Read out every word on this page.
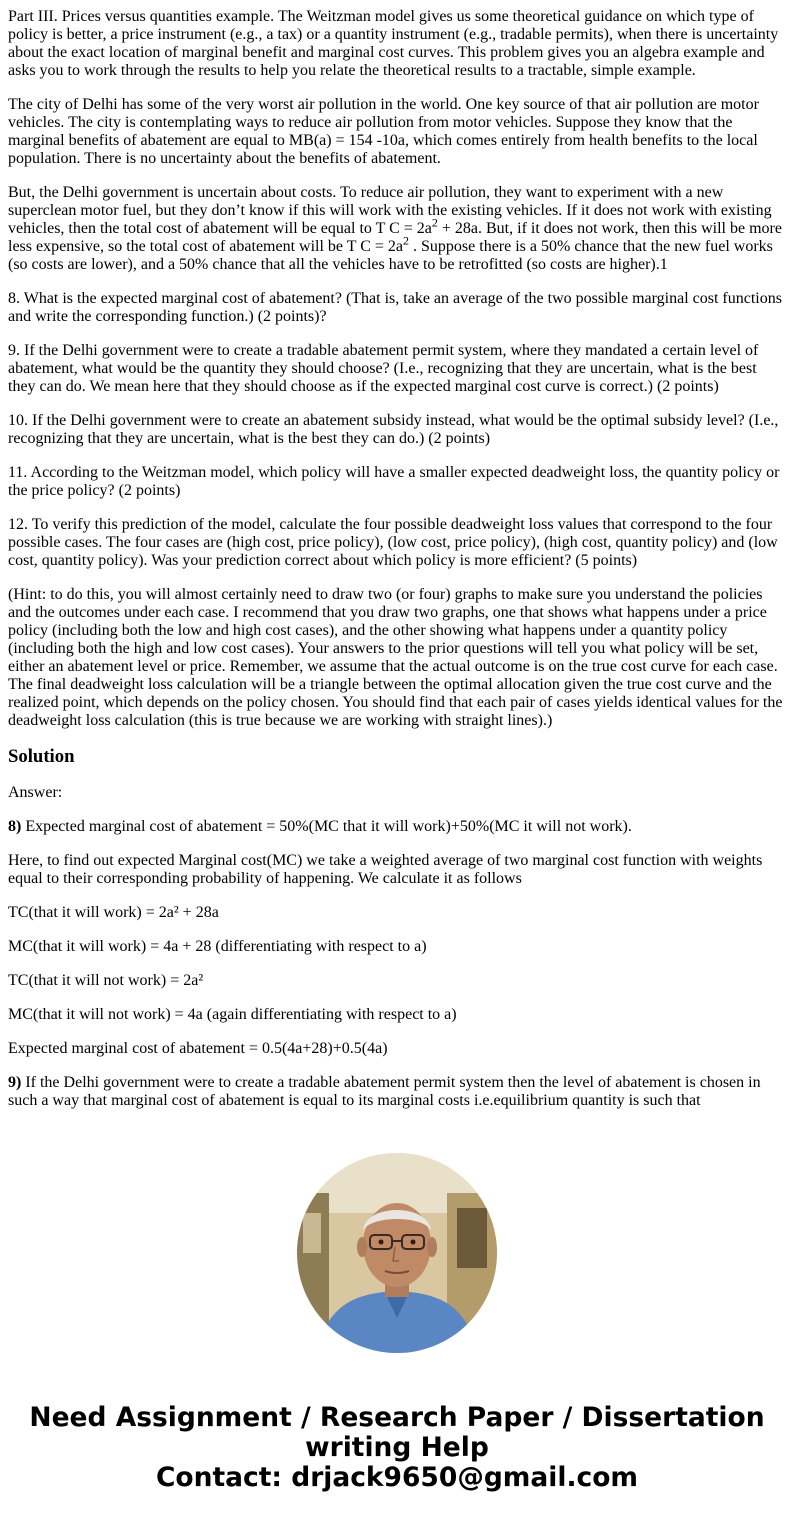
Part III. Prices versus quantities example. The Weitzman model gives us some theoretical guidance on which type of policy is better, a price instrument (e.g., a tax) or a quantity instrument (e.g., tradable permits), when there is uncertainty about the exact location of marginal benefit and marginal cost curves. This problem gives you an algebra example and asks you to work through the results to help you relate the theoretical results to a tractable, simple example.

The city of Delhi has some of the very worst air pollution in the world. One key source of that air pollution are motor vehicles. The city is contemplating ways to reduce air pollution from motor vehicles. Suppose they know that the marginal benefits of abatement are equal to MB(a) = 154 -10a, which comes entirely from health benefits to the local population. There is no uncertainty about the benefits of abatement.

But, the Delhi government is uncertain about costs. To reduce air pollution, they want to experiment with a new superclean motor fuel, but they don’t know if this will work with the existing vehicles. If it does not work with existing vehicles, then the total cost of abatement will be equal to T $C = 2a^2 + 28a$. But, if it does not work, then this will be more less expensive, so the total cost of abatement will be T $C = 2a^2$ . Suppose there is a 50% chance that the new fuel works (so costs are lower), and a 50% chance that all the vehicles have to be retrofitted (so costs are higher).1

8. What is the expected marginal cost of abatement? (That is, take an average of the two possible marginal cost functions and write the corresponding function.) (2 points)?

9. If the Delhi government were to create a tradable abatement permit system, where they mandated a certain level of abatement, what would be the quantity they should choose? (I.e., recognizing that they are uncertain, what is the best they can do. We mean here that they should choose as if the expected marginal cost curve is correct.) (2 points)

10. If the Delhi government were to create an abatement subsidy instead, what would be the optimal subsidy level? (I.e., recognizing that they are uncertain, what is the best they can do.) (2 points)

11. According to the Weitzman model, which policy will have a smaller expected deadweight loss, the quantity policy or the price policy? (2 points)

12. To verify this prediction of the model, calculate the four possible deadweight loss values that correspond to the four possible cases. The four cases are (high cost, price policy), (low cost, price policy), (high cost, quantity policy) and (low cost, quantity policy). Was your prediction correct about which policy is more efficient? (5 points)

(Hint: to do this, you will almost certainly need to draw two (or four) graphs to make sure you understand the policies and the outcomes under each case. I recommend that you draw two graphs, one that shows what happens under a price policy (including both the low and high cost cases), and the other showing what happens under a quantity policy (including both the high and low cost cases). Your answers to the prior questions will tell you what policy will be set, either an abatement level or price. Remember, we assume that the actual outcome is on the true cost curve for each case. The final deadweight loss calculation will be a triangle between the optimal allocation given the true cost curve and the realized point, which depends on the policy chosen. You should find that each pair of cases yields identical values for the deadweight loss calculation (this is true because we are working with straight lines).)

Solution

Answer:

8) Expected marginal cost of abatement = 50%(MC that it will work)+50%(MC it will not work).

Here, to find out expected Marginal cost(MC) we take a weighted average of two marginal cost function with weights equal to their corresponding probability of happening. We calculate it as follows

TC(that it will work) = 2a² + 28a

MC(that it will work) = 4a + 28 (differentiating with respect to a)

TC(that it will not work) = 2a²

MC(that it will not work) = 4a (again differentiating with respect to a)

Expected marginal cost of abatement = 0.5(4a+28)+0.5(4a)

9) If the Delhi government were to create a tradable abatement permit system then the level of abatement is chosen in such a way that marginal cost of abatement is equal to its marginal costs i.e.equilibrium quantity is such that

Need Assignment / Research Paper / Dissertation writing Help
Contact: drjack9650@gmail.com
